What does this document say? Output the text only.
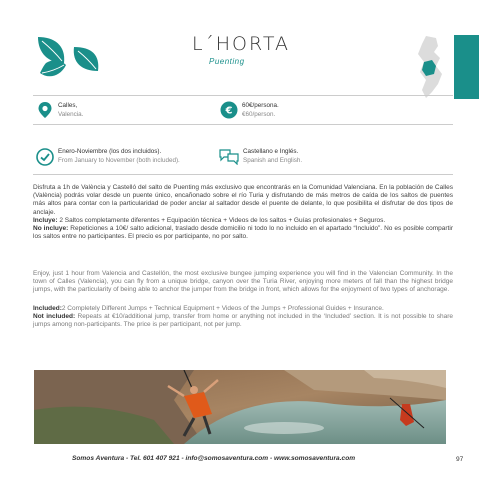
L´HORTA
Puenting
Calles,
Valencia.	€ 60€/persona.
€60/person.
Enero-Noviembre (los dos incluidos).
From January to November (both included).
Castellano e Inglés.
Spanish and English.
Disfruta a 1h de València y Castelló del salto de Puenting más exclusivo que encontrarás en la Comunidad Valenciana. En la población de Calles (València) podrás volar desde un puente único, encañonado sobre el río Turia y disfrutando de más metros de caída de los saltos de puentes más altos para contar con la particularidad de poder anclar al saltador desde el puente de delante, lo que posibilita el disfrutar de dos tipos de anclaje.
Incluye: 2 Saltos completamente diferentes + Equipación técnica + Videos de los saltos + Guías profesionales + Seguros.
No incluye: Repeticiones a 10€/ salto adicional, traslado desde domicilio ni todo lo no incluido en el apartado “Incluido”. No es posible compartir los saltos entre no participantes. El precio es por participante, no por salto.
Enjoy, just 1 hour from Valencia and Castellón, the most exclusive bungee jumping experience you will find in the Valencian Community. In the town of Calles (Valencia), you can fly from a unique bridge, canyon over the Turia River, enjoying more meters of fall than the highest bridge jumps, with the particularity of being able to anchor the jumper from the bridge in front, which allows for the enjoyment of two types of anchorage.
Included:2 Completely Different Jumps + Technical Equipment + Videos of the Jumps + Professional Guides + Insurance.
Not included: Repeats at €10/additional jump, transfer from home or anything not included in the ‘Included’ section. It is not possible to share jumps among non-participants. The price is per participant, not per jump.
Somos Aventura - Tel. 601 407 921 - info@somosaventura.com - www.somosaventura.com	97
